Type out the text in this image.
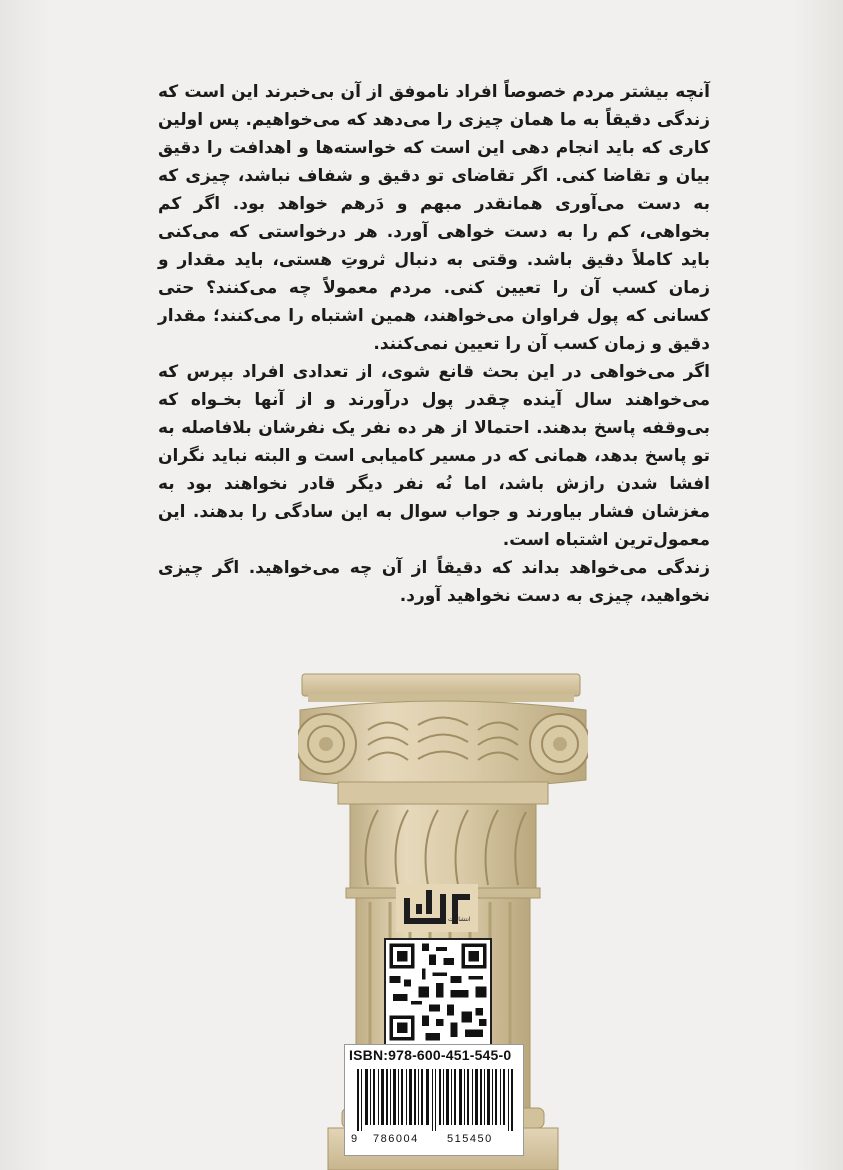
آنچه بیشتر مردم خصوصاً افراد ناموفق از آن بی‌خبرند این است که زندگی دقیقاً به ما همان چیزی را می‌دهد که می‌خواهیم. پس اولین کاری که باید انجام دهی این است که خواسته‌ها و اهدافت را دقیق بیان و تقاضا کنی. اگر تقاضای تو دقیق و شفاف نباشد، چیزی که به دست می‌آوری همانقدر مبهم و دَرهم خواهد بود. اگر کم بخواهی، کم را به دست خواهی آورد. هر درخواستی که می‌کنی باید کاملاً دقیق باشد. وقتی به دنبال ثروتِ هستی، باید مقدار و زمان کسب آن را تعیین کنی. مردم معمولاً چه می‌کنند؟ حتی کسانی که پول فراوان می‌خواهند، همین اشتباه را می‌کنند؛ مقدار دقیق و زمان کسب آن را تعیین نمی‌کنند.

اگر می‌خواهی در این بحث قانع شوی، از تعدادی افراد بپرس که می‌خواهند سال آینده چقدر پول درآورند و از آنها بخـواه که بی‌وقفه پاسخ بدهند. احتمالا از هر ده نفر یک نفرشان بلافاصله به تو پاسخ بدهد، همانی که در مسیر کامیابی است و البته نباید نگران افشا شدن رازش باشد، اما نُه نفر دیگر قادر نخواهند بود به مغزشان فشار بیاورند و جواب سوال به این سادگی را بدهند. این معمول‌ترین اشتباه است.

زندگی می‌خواهد بداند که دقیقاً از آن چه می‌خواهید. اگر چیزی نخواهید، چیزی به دست نخواهید آورد.

انتشارات
ISBN:978-600-451-545-0
9 786004	515450
